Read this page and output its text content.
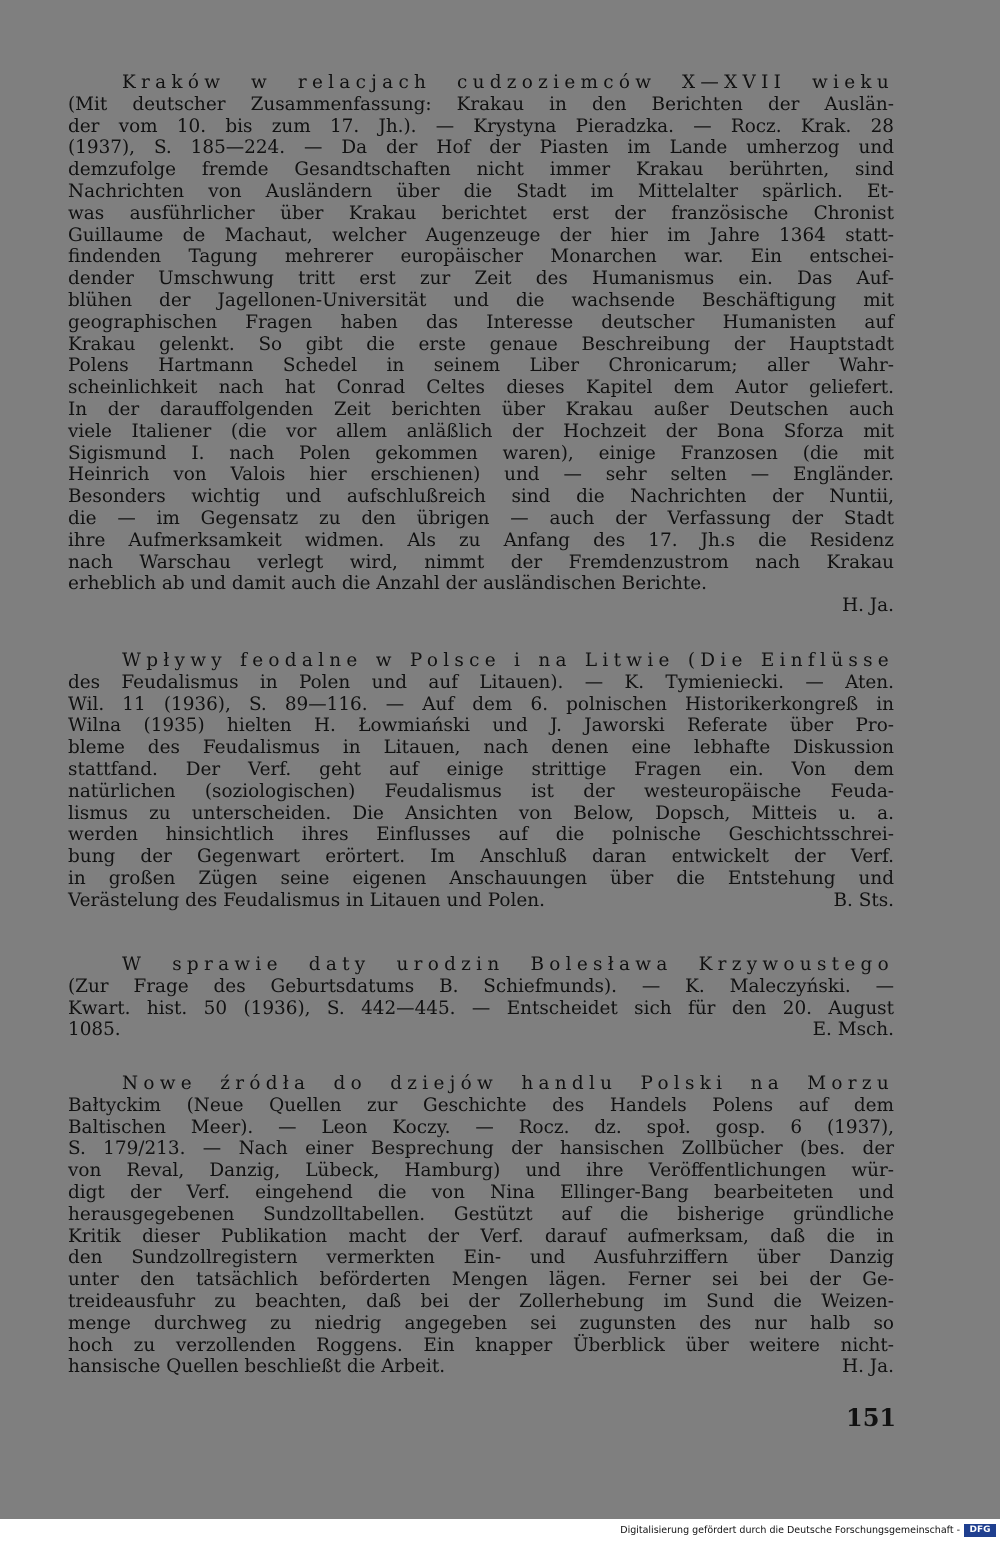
Kraków w relacjach cudzoziemców X—XVII wieku
(Mit deutscher Zusammenfassung: Krakau in den Berichten der Auslän-
der vom 10. bis zum 17. Jh.). — Krystyna Pieradzka. — Rocz. Krak. 28
(1937), S. 185—224. — Da der Hof der Piasten im Lande umherzog und
demzufolge fremde Gesandtschaften nicht immer Krakau berührten, sind
Nachrichten von Ausländern über die Stadt im Mittelalter spärlich. Et-
was ausführlicher über Krakau berichtet erst der französische Chronist
Guillaume de Machaut, welcher Augenzeuge der hier im Jahre 1364 statt-
findenden Tagung mehrerer europäischer Monarchen war. Ein entschei-
dender Umschwung tritt erst zur Zeit des Humanismus ein. Das Auf-
blühen der Jagellonen-Universität und die wachsende Beschäftigung mit
geographischen Fragen haben das Interesse deutscher Humanisten auf
Krakau gelenkt. So gibt die erste genaue Beschreibung der Hauptstadt
Polens Hartmann Schedel in seinem Liber Chronicarum; aller Wahr-
scheinlichkeit nach hat Conrad Celtes dieses Kapitel dem Autor geliefert.
In der darauffolgenden Zeit berichten über Krakau außer Deutschen auch
viele Italiener (die vor allem anläßlich der Hochzeit der Bona Sforza mit
Sigismund I. nach Polen gekommen waren), einige Franzosen (die mit
Heinrich von Valois hier erschienen) und — sehr selten — Engländer.
Besonders wichtig und aufschlußreich sind die Nachrichten der Nuntii,
die — im Gegensatz zu den übrigen — auch der Verfassung der Stadt
ihre Aufmerksamkeit widmen. Als zu Anfang des 17. Jh.s die Residenz
nach Warschau verlegt wird, nimmt der Fremdenzustrom nach Krakau
erheblich ab und damit auch die Anzahl der ausländischen Berichte.
H. Ja.
Wpływy feodalne w Polsce i na Litwie (Die Einflüsse
des Feudalismus in Polen und auf Litauen). — K. Tymieniecki. — Aten.
Wil. 11 (1936), S. 89—116. — Auf dem 6. polnischen Historikerkongreß in
Wilna (1935) hielten H. Łowmiański und J. Jaworski Referate über Pro-
bleme des Feudalismus in Litauen, nach denen eine lebhafte Diskussion
stattfand. Der Verf. geht auf einige strittige Fragen ein. Von dem
natürlichen (soziologischen) Feudalismus ist der westeuropäische Feuda-
lismus zu unterscheiden. Die Ansichten von Below, Dopsch, Mitteis u. a.
werden hinsichtlich ihres Einflusses auf die polnische Geschichtsschrei-
bung der Gegenwart erörtert. Im Anschluß daran entwickelt der Verf.
in großen Zügen seine eigenen Anschauungen über die Entstehung und
Verästelung des Feudalismus in Litauen und Polen.	B. Sts.
W sprawie daty urodzin Bolesława Krzywoustego
(Zur Frage des Geburtsdatums B. Schiefmunds). — K. Maleczyński. —
Kwart. hist. 50 (1936), S. 442—445. — Entscheidet sich für den 20. August
1085.	E. Msch.
Nowe źródła do dziejów handlu Polski na Morzu
Bałtyckim (Neue Quellen zur Geschichte des Handels Polens auf dem
Baltischen Meer). — Leon Koczy. — Rocz. dz. społ. gosp. 6 (1937),
S. 179/213. — Nach einer Besprechung der hansischen Zollbücher (bes. der
von Reval, Danzig, Lübeck, Hamburg) und ihre Veröffentlichungen wür-
digt der Verf. eingehend die von Nina Ellinger-Bang bearbeiteten und
herausgegebenen Sundzolltabellen. Gestützt auf die bisherige gründliche
Kritik dieser Publikation macht der Verf. darauf aufmerksam, daß die in
den Sundzollregistern vermerkten Ein- und Ausfuhrziffern über Danzig
unter den tatsächlich beförderten Mengen lägen. Ferner sei bei der Ge-
treideausfuhr zu beachten, daß bei der Zollerhebung im Sund die Weizen-
menge durchweg zu niedrig angegeben sei zugunsten des nur halb so
hoch zu verzollenden Roggens. Ein knapper Überblick über weitere nicht-
hansische Quellen beschließt die Arbeit.	H. Ja.
151
Digitalisierung gefördert durch die Deutsche Forschungsgemeinschaft -	DFG
